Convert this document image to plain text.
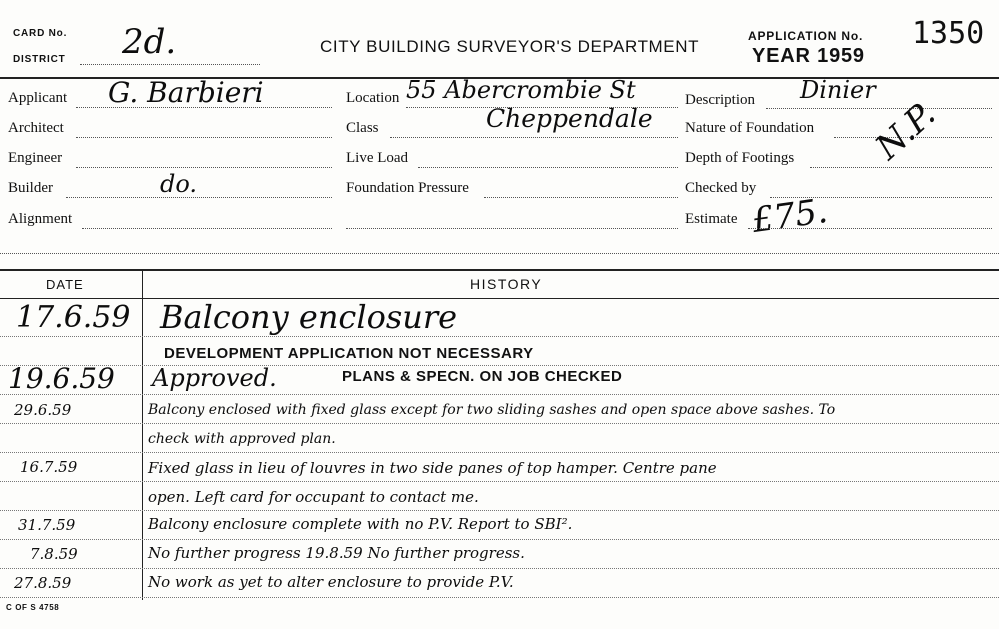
CARD No.
DISTRICT 2d.	CITY BUILDING SURVEYOR'S DEPARTMENT
APPLICATION No.
YEAR 1959
1350
Applicant G. Barbieri
Architect
Engineer
Builder	do.
Alignment
Location 55 Abercrombie St
Class	Cheppendale
Live Load
Foundation Pressure
Description Dinier
Nature of Foundation
Depth of Footings N.P.
Checked by
Estimate £75.
DATE	HISTORY
17.6.59 Balcony enclosure
DEVELOPMENT APPLICATION NOT NECESSARY
19.6.59 Approved.	PLANS & SPECN. ON JOB CHECKED
29.6.59	Balcony enclosed with fixed glass except for two sliding sashes and open space above sashes. To
check with approved plan.
16.7.59	Fixed glass in lieu of louvres in two side panes of top hamper. Centre pane
open. Left card for occupant to contact me.
31.7.59	Balcony enclosure complete with no P.V. Report to SBI².
7.8.59	No further progress 19.8.59 No further progress.
27.8.59	No work as yet to alter enclosure to provide P.V.
C OF S 4758
